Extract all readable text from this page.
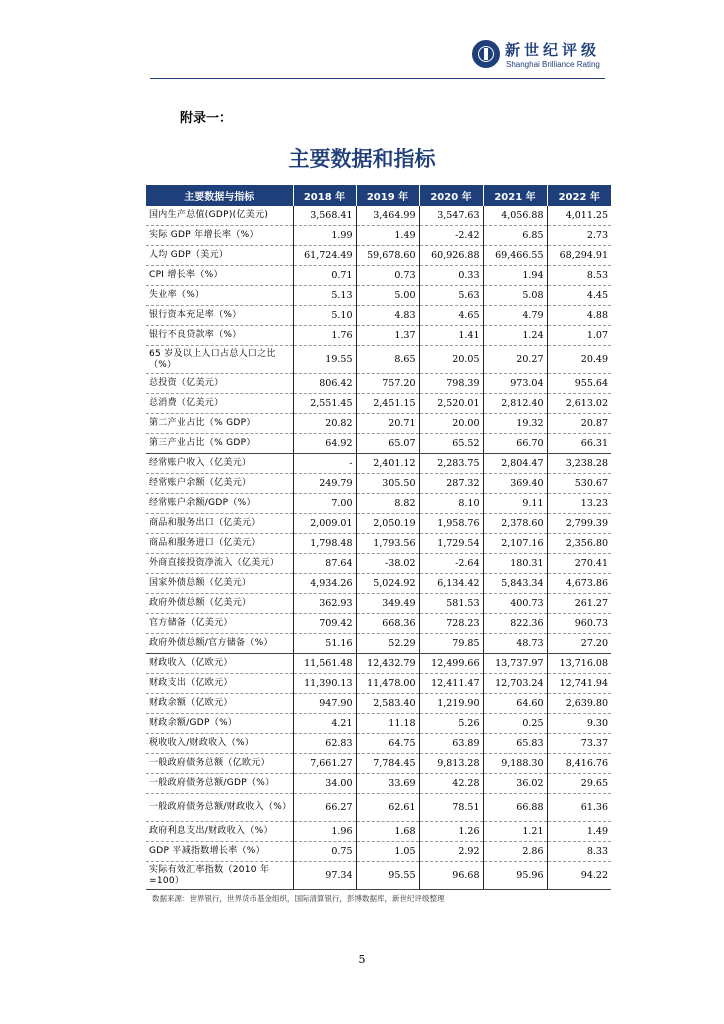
新世纪评级
Shanghai Brilliance Rating
附录一：
主要数据和指标
主要数据与指标	2018 年	2019 年	2020 年	2021 年	2022 年
国内生产总值(GDP)(亿美元)	3,568.41	3,464.99	3,547.63	4,056.88	4,011.25
实际 GDP 年增长率（%）	1.99	1.49	-2.42	6.85	2.73
人均 GDP（美元）	61,724.49	59,678.60	60,926.88	69,466.55	68,294.91
CPI 增长率（%）	0.71	0.73	0.33	1.94	8.53
失业率（%）	5.13	5.00	5.63	5.08	4.45
银行资本充足率（%）	5.10	4.83	4.65	4.79	4.88
银行不良贷款率（%）	1.76	1.37	1.41	1.24	1.07
65 岁及以上人口占总人口之比（%）	19.55	8.65	20.05	20.27	20.49
总投资（亿美元）	806.42	757.20	798.39	973.04	955.64
总消费（亿美元）	2,551.45	2,451.15	2,520.01	2,812.40	2,613.02
第二产业占比（% GDP）	20.82	20.71	20.00	19.32	20.87
第三产业占比（% GDP）	64.92	65.07	65.52	66.70	66.31
经常账户收入（亿美元）	-	2,401.12	2,283.75	2,804.47	3,238.28
经常账户余额（亿美元）	249.79	305.50	287.32	369.40	530.67
经常账户余额/GDP（%）	7.00	8.82	8.10	9.11	13.23
商品和服务出口（亿美元）	2,009.01	2,050.19	1,958.76	2,378.60	2,799.39
商品和服务进口（亿美元）	1,798.48	1,793.56	1,729.54	2,107.16	2,356.80
外商直接投资净流入（亿美元）	87.64	-38.02	-2.64	180.31	270.41
国家外债总额（亿美元）	4,934.26	5,024.92	6,134.42	5,843.34	4,673.86
政府外债总额（亿美元）	362.93	349.49	581.53	400.73	261.27
官方储备（亿美元）	709.42	668.36	728.23	822.36	960.73
政府外债总额/官方储备（%）	51.16	52.29	79.85	48.73	27.20
财政收入（亿欧元）	11,561.48	12,432.79	12,499.66	13,737.97	13,716.08
财政支出（亿欧元）	11,390.13	11,478.00	12,411.47	12,703.24	12,741.94
财政余额（亿欧元）	947.90	2,583.40	1,219.90	64.60	2,639.80
财政余额/GDP（%）	4.21	11.18	5.26	0.25	9.30
税收收入/财政收入（%）	62.83	64.75	63.89	65.83	73.37
一般政府债务总额（亿欧元）	7,661.27	7,784.45	9,813.28	9,188.30	8,416.76
一般政府债务总额/GDP（%）	34.00	33.69	42.28	36.02	29.65
一般政府债务总额/财政收入（%）	66.27	62.61	78.51	66.88	61.36
政府利息支出/财政收入（%）	1.96	1.68	1.26	1.21	1.49
GDP 平减指数增长率（%）	0.75	1.05	2.92	2.86	8.33
实际有效汇率指数（2010 年=100）	97.34	95.55	96.68	95.96	94.22
数据来源：世界银行，世界货币基金组织，国际清算银行，彭博数据库，新世纪评级整理
5
